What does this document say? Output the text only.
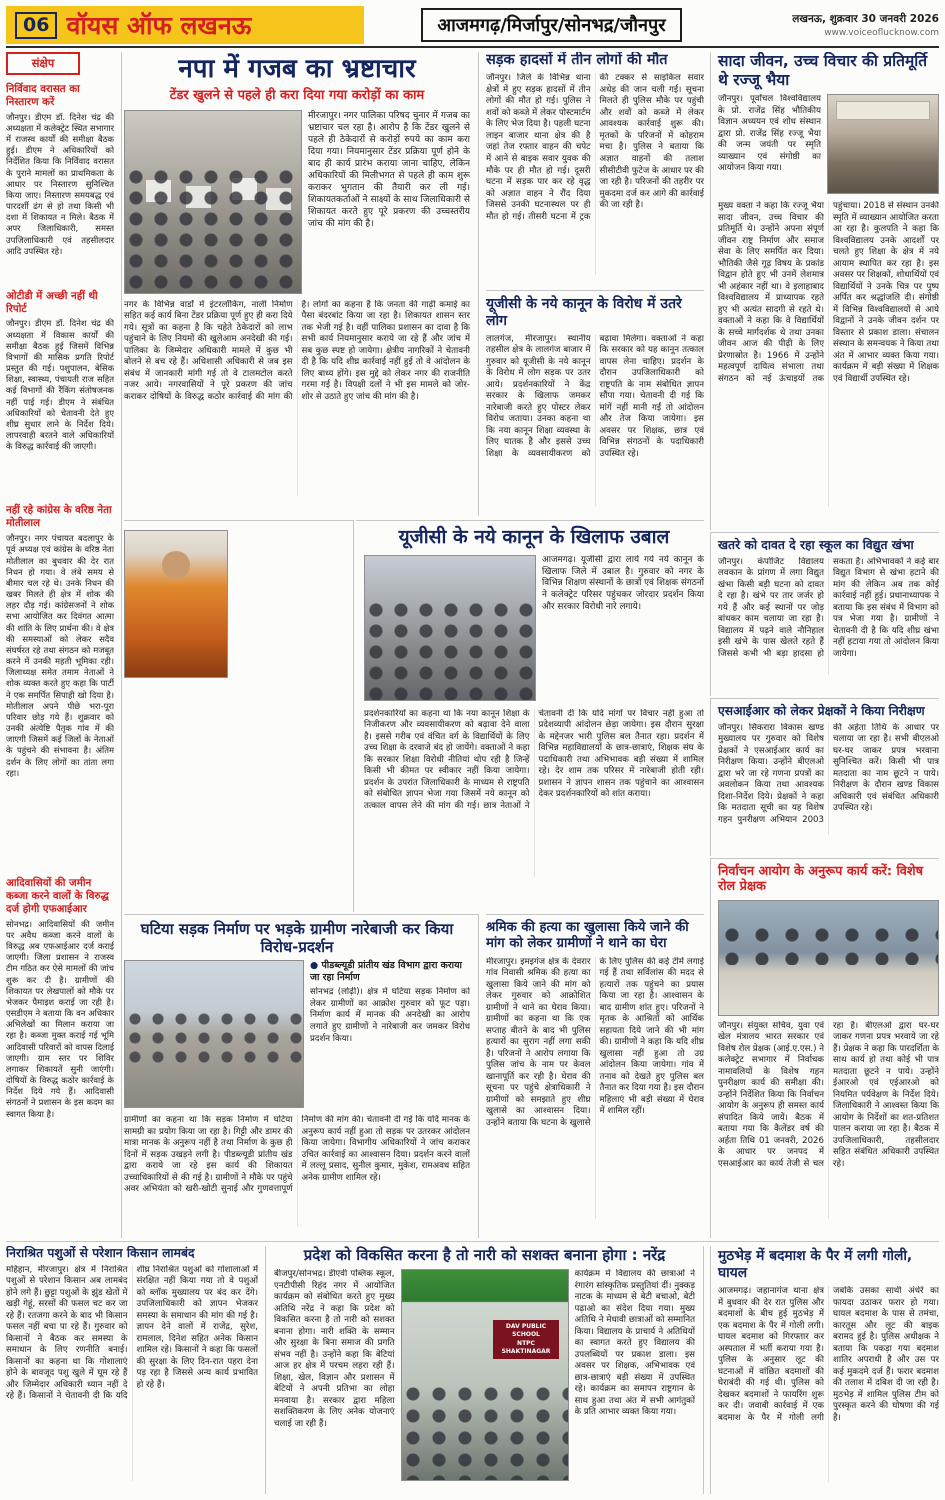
06 वॉयस ऑफ लखनऊ	आजमगढ़/मिर्जापुर/सोनभद्र/जौनपुर	लखनऊ, शुक्रवार 30 जनवरी 2026
www.voiceoflucknow.com
संक्षेप
निर्विवाद वरासत का निस्तारण करें
जौनपुर। डीएम डॉ. दिनेश चंद्र की अध्यक्षता में कलेक्ट्रेट स्थित सभागार में राजस्व कार्यों की समीक्षा बैठक हुई। डीएम ने अधिकारियों को निर्देशित किया कि निर्विवाद वरासत के पुराने मामलों का प्राथमिकता के आधार पर निस्तारण सुनिश्चित किया जाए। निस्तारण समयबद्ध एवं पारदर्शी ढंग से हो तथा किसी भी दशा में शिकायत न मिले। बैठक में अपर जिलाधिकारी, समस्त उपजिलाधिकारी एवं तहसीलदार आदि उपस्थित रहे।
ओटीडी में अच्छी नहीं थी रिपोर्ट
जौनपुर। डीएम डॉ. दिनेश चंद्र की अध्यक्षता में विकास कार्यों की समीक्षा बैठक हुई जिसमें विभिन्न विभागों की मासिक प्रगति रिपोर्ट प्रस्तुत की गई। पशुपालन, बेसिक शिक्षा, स्वास्थ्य, पंचायती राज सहित कई विभागों की रैंकिंग संतोषजनक नहीं पाई गई। डीएम ने संबंधित अधिकारियों को चेतावनी देते हुए शीघ्र सुधार लाने के निर्देश दिये। लापरवाही बरतने वाले अधिकारियों के विरुद्ध कार्रवाई की जाएगी।
नहीं रहे कांग्रेस के वरिष्ठ नेता मोतीलाल
जौनपुर। नगर पंचायत बदलापुर के पूर्व अध्यक्ष एवं कांग्रेस के वरिष्ठ नेता मोतीलाल का बुधवार की देर रात निधन हो गया। वे लंबे समय से बीमार चल रहे थे। उनके निधन की खबर मिलते ही क्षेत्र में शोक की लहर दौड़ गई। कांग्रेसजनों ने शोक सभा आयोजित कर दिवंगत आत्मा की शांति के लिए प्रार्थना की। वे क्षेत्र की समस्याओं को लेकर सदैव संघर्षरत रहे तथा संगठन को मजबूत करने में उनकी महती भूमिका रही। जिलाध्यक्ष समेत तमाम नेताओं ने शोक व्यक्त करते हुए कहा कि पार्टी ने एक समर्पित सिपाही खो दिया है। मोतीलाल अपने पीछे भरा-पूरा परिवार छोड़ गये हैं। शुक्रवार को उनकी अंत्येष्टि पैतृक गांव में की जाएगी जिसमें कई जिलों के नेताओं के पहुंचने की संभावना है। अंतिम दर्शन के लिए लोगों का तांता लगा रहा।
आदिवासियों की जमीन कब्जा करने वालों के विरुद्ध दर्ज होगी एफआईआर
सोनभद्र। आदिवासियों की जमीन पर अवैध कब्जा करने वालों के विरुद्ध अब एफआईआर दर्ज कराई जाएगी। जिला प्रशासन ने राजस्व टीम गठित कर ऐसे मामलों की जांच शुरू कर दी है। ग्रामीणों की शिकायत पर लेखपालों को मौके पर भेजकर पैमाइश कराई जा रही है। एसडीएम ने बताया कि वन अधिकार अभिलेखों का मिलान कराया जा रहा है। कब्जा मुक्त कराई गई भूमि आदिवासी परिवारों को वापस दिलाई जाएगी। ग्राम स्तर पर शिविर लगाकर शिकायतें सुनी जाएंगी। दोषियों के विरुद्ध कठोर कार्रवाई के निर्देश दिये गये हैं। आदिवासी संगठनों ने प्रशासन के इस कदम का स्वागत किया है।
नपा में गजब का भ्रष्टाचार
टेंडर खुलने से पहले ही करा दिया गया करोड़ों का काम
मीरजापुर। नगर पालिका परिषद चुनार में गजब का भ्रष्टाचार चल रहा है। आरोप है कि टेंडर खुलने से पहले ही ठेकेदारों से करोड़ों रुपये का काम करा दिया गया। नियमानुसार टेंडर प्रक्रिया पूर्ण होने के बाद ही कार्य प्रारंभ कराया जाना चाहिए, लेकिन अधिकारियों की मिलीभगत से पहले ही काम शुरू कराकर भुगतान की तैयारी कर ली गई। शिकायतकर्ताओं ने साक्ष्यों के साथ जिलाधिकारी से शिकायत करते हुए पूरे प्रकरण की उच्चस्तरीय जांच की मांग की है।
नगर के विभिन्न वार्डों में इंटरलॉकिंग, नाली निर्माण सहित कई कार्य बिना टेंडर प्रक्रिया पूर्ण हुए ही करा दिये गये। सूत्रों का कहना है कि चहेते ठेकेदारों को लाभ पहुंचाने के लिए नियमों की खुलेआम अनदेखी की गई। पालिका के जिम्मेदार अधिकारी मामले में कुछ भी बोलने से बच रहे हैं। अधिशासी अधिकारी से जब इस संबंध में जानकारी मांगी गई तो वे टालमटोल करते नजर आये। नगरवासियों ने पूरे प्रकरण की जांच कराकर दोषियों के विरुद्ध कठोर कार्रवाई की मांग की है। लोगों का कहना है कि जनता की गाढ़ी कमाई का पैसा बंदरबांट किया जा रहा है। शिकायत शासन स्तर तक भेजी गई है। वहीं पालिका प्रशासन का दावा है कि सभी कार्य नियमानुसार कराये जा रहे हैं और जांच में सब कुछ स्पष्ट हो जायेगा। क्षेत्रीय नागरिकों ने चेतावनी दी है कि यदि शीघ्र कार्रवाई नहीं हुई तो वे आंदोलन के लिए बाध्य होंगे। इस मुद्दे को लेकर नगर की राजनीति गरमा गई है। विपक्षी दलों ने भी इस मामले को जोर-शोर से उठाते हुए जांच की मांग की है।
सड़क हादसों में तीन लोगों की मौत
जौनपुर। जिले के विभिन्न थाना क्षेत्रों में हुए सड़क हादसों में तीन लोगों की मौत हो गई। पुलिस ने शवों को कब्जे में लेकर पोस्टमार्टम के लिए भेज दिया है। पहली घटना लाइन बाजार थाना क्षेत्र की है जहां तेज रफ्तार वाहन की चपेट में आने से बाइक सवार युवक की मौके पर ही मौत हो गई। दूसरी घटना में सड़क पार कर रहे वृद्ध को अज्ञात वाहन ने रौंद दिया जिससे उनकी घटनास्थल पर ही मौत हो गई। तीसरी घटना में ट्रक की टक्कर से साइकिल सवार अधेड़ की जान चली गई। सूचना मिलते ही पुलिस मौके पर पहुंची और शवों को कब्जे में लेकर आवश्यक कार्रवाई शुरू की। मृतकों के परिजनों में कोहराम मचा है। पुलिस ने बताया कि अज्ञात वाहनों की तलाश सीसीटीवी फुटेज के आधार पर की जा रही है। परिजनों की तहरीर पर मुकदमा दर्ज कर आगे की कार्रवाई की जा रही है।
यूजीसी के नये कानून के विरोध में उतरे लोग
लालगंज, मीरजापुर। स्थानीय तहसील क्षेत्र के लालगंज बाजार में गुरुवार को यूजीसी के नये कानून के विरोध में लोग सड़क पर उतर आये। प्रदर्शनकारियों ने केंद्र सरकार के खिलाफ जमकर नारेबाजी करते हुए पोस्टर लेकर विरोध जताया। उनका कहना था कि नया कानून शिक्षा व्यवस्था के लिए घातक है और इससे उच्च शिक्षा के व्यवसायीकरण को बढ़ावा मिलेगा। वक्ताओं ने कहा कि सरकार को यह कानून तत्काल वापस लेना चाहिए। प्रदर्शन के दौरान उपजिलाधिकारी को राष्ट्रपति के नाम संबोधित ज्ञापन सौंपा गया। चेतावनी दी गई कि मांगें नहीं मानी गईं तो आंदोलन और तेज किया जायेगा। इस अवसर पर शिक्षक, छात्र एवं विभिन्न संगठनों के पदाधिकारी उपस्थित रहे।
सादा जीवन, उच्च विचार की प्रतिमूर्ति थे रज्जू भैया
जौनपुर। पूर्वांचल विश्वविद्यालय के प्रो. राजेंद्र सिंह भौतिकीय विज्ञान अध्ययन एवं शोध संस्थान द्वारा प्रो. राजेंद्र सिंह रज्जू भैया की जन्म जयंती पर स्मृति व्याख्यान एवं संगोष्ठी का आयोजन किया गया।
मुख्य वक्ता ने कहा कि रज्जू भैया सादा जीवन, उच्च विचार की प्रतिमूर्ति थे। उन्होंने अपना संपूर्ण जीवन राष्ट्र निर्माण और समाज सेवा के लिए समर्पित कर दिया। भौतिकी जैसे गूढ़ विषय के प्रकांड विद्वान होते हुए भी उनमें लेशमात्र भी अहंकार नहीं था। वे इलाहाबाद विश्वविद्यालय में प्राध्यापक रहते हुए भी अत्यंत सादगी से रहते थे। वक्ताओं ने कहा कि वे विद्यार्थियों के सच्चे मार्गदर्शक थे तथा उनका जीवन आज की पीढ़ी के लिए प्रेरणास्रोत है। 1966 में उन्होंने महत्वपूर्ण दायित्व संभाला तथा संगठन को नई ऊंचाइयों तक पहुंचाया। 2018 से संस्थान उनकी स्मृति में व्याख्यान आयोजित करता आ रहा है। कुलपति ने कहा कि विश्वविद्यालय उनके आदर्शों पर चलते हुए शिक्षा के क्षेत्र में नये आयाम स्थापित कर रहा है। इस अवसर पर शिक्षकों, शोधार्थियों एवं विद्यार्थियों ने उनके चित्र पर पुष्प अर्पित कर श्रद्धांजलि दी। संगोष्ठी में विभिन्न विश्वविद्यालयों से आये विद्वानों ने उनके जीवन दर्शन पर विस्तार से प्रकाश डाला। संचालन संस्थान के समन्वयक ने किया तथा अंत में आभार व्यक्त किया गया। कार्यक्रम में बड़ी संख्या में शिक्षक एवं विद्यार्थी उपस्थित रहे।
यूजीसी के नये कानून के खिलाफ उबाल
आजमगढ़। यूजीसी द्वारा लाये गये नये कानून के खिलाफ जिले में उबाल है। गुरुवार को नगर के विभिन्न शिक्षण संस्थानों के छात्रों एवं शिक्षक संगठनों ने कलेक्ट्रेट परिसर पहुंचकर जोरदार प्रदर्शन किया और सरकार विरोधी नारे लगाये।
प्रदर्शनकारियों का कहना था कि नया कानून शिक्षा के निजीकरण और व्यवसायीकरण को बढ़ावा देने वाला है। इससे गरीब एवं वंचित वर्ग के विद्यार्थियों के लिए उच्च शिक्षा के दरवाजे बंद हो जायेंगे। वक्ताओं ने कहा कि सरकार शिक्षा विरोधी नीतियां थोप रही है जिन्हें किसी भी कीमत पर स्वीकार नहीं किया जायेगा। प्रदर्शन के उपरांत जिलाधिकारी के माध्यम से राष्ट्रपति को संबोधित ज्ञापन भेजा गया जिसमें नये कानून को तत्काल वापस लेने की मांग की गई। छात्र नेताओं ने चेतावनी दी कि यदि मांगों पर विचार नहीं हुआ तो प्रदेशव्यापी आंदोलन छेड़ा जायेगा। इस दौरान सुरक्षा के मद्देनजर भारी पुलिस बल तैनात रहा। प्रदर्शन में विभिन्न महाविद्यालयों के छात्र-छात्राएं, शिक्षक संघ के पदाधिकारी तथा अभिभावक बड़ी संख्या में शामिल रहे। देर शाम तक परिसर में नारेबाजी होती रही। प्रशासन ने ज्ञापन शासन तक पहुंचाने का आश्वासन देकर प्रदर्शनकारियों को शांत कराया।
खतरे को दावत दे रहा स्कूल का विद्युत खंभा
जौनपुर। कंपोजिट विद्यालय लवकान के प्रांगण में लगा विद्युत खंभा किसी बड़ी घटना को दावत दे रहा है। खंभे पर तार जर्जर हो गये हैं और कई स्थानों पर जोड़ बांधकर काम चलाया जा रहा है। विद्यालय में पढ़ने वाले नौनिहाल इसी खंभे के पास खेलते रहते हैं जिससे कभी भी बड़ा हादसा हो सकता है। अभिभावकों ने कई बार विद्युत विभाग से खंभा हटाने की मांग की लेकिन अब तक कोई कार्रवाई नहीं हुई। प्रधानाध्यापक ने बताया कि इस संबंध में विभाग को पत्र भेजा गया है। ग्रामीणों ने चेतावनी दी है कि यदि शीघ्र खंभा नहीं हटाया गया तो आंदोलन किया जायेगा।
एसआईआर को लेकर प्रेक्षकों ने किया निरीक्षण
जौनपुर। सिकरारा विकास खण्ड मुख्यालय पर गुरुवार को विशेष प्रेक्षकों ने एसआईआर कार्य का निरीक्षण किया। उन्होंने बीएलओ द्वारा भरे जा रहे गणना प्रपत्रों का अवलोकन किया तथा आवश्यक दिशा-निर्देश दिये। प्रेक्षकों ने कहा कि मतदाता सूची का यह विशेष गहन पुनरीक्षण अभियान 2003 की अर्हता तिथि के आधार पर चलाया जा रहा है। सभी बीएलओ घर-घर जाकर प्रपत्र भरवाना सुनिश्चित करें। किसी भी पात्र मतदाता का नाम छूटने न पाये। निरीक्षण के दौरान खण्ड विकास अधिकारी एवं संबंधित अधिकारी उपस्थित रहे।
निर्वाचन आयोग के अनुरूप कार्य करें: विशेष रोल प्रेक्षक
जौनपुर। संयुक्त सचिव, युवा एवं खेल मंत्रालय भारत सरकार एवं विशेष रोल प्रेक्षक (आई.ए.एस.) ने कलेक्ट्रेट सभागार में निर्वाचक नामावलियों के विशेष गहन पुनरीक्षण कार्य की समीक्षा की। उन्होंने निर्देशित किया कि निर्वाचन आयोग के अनुरूप ही समस्त कार्य संपादित किये जायें। बैठक में बताया गया कि कैलेंडर वर्ष की अर्हता तिथि 01 जनवरी, 2026 के आधार पर जनपद में एसआईआर का कार्य तेजी से चल रहा है। बीएलओ द्वारा घर-घर जाकर गणना प्रपत्र भरवाये जा रहे हैं। प्रेक्षक ने कहा कि पारदर्शिता के साथ कार्य हो तथा कोई भी पात्र मतदाता छूटने न पाये। उन्होंने ईआरओ एवं एईआरओ को नियमित पर्यवेक्षण के निर्देश दिये। जिलाधिकारी ने आश्वस्त किया कि आयोग के निर्देशों का शत-प्रतिशत पालन कराया जा रहा है। बैठक में उपजिलाधिकारी, तहसीलदार सहित संबंधित अधिकारी उपस्थित रहे।
घटिया सड़क निर्माण पर भड़के ग्रामीण नारेबाजी कर किया विरोध-प्रदर्शन
● पीडब्ल्यूडी प्रांतीय खंड विभाग द्वारा कराया जा रहा निर्माण
सोनभद्र (लोढ़ी)। क्षेत्र में घटिया सड़क निर्माण को लेकर ग्रामीणों का आक्रोश गुरुवार को फूट पड़ा। निर्माण कार्य में मानक की अनदेखी का आरोप लगाते हुए ग्रामीणों ने नारेबाजी कर जमकर विरोध प्रदर्शन किया।
ग्रामीणों का कहना था कि सड़क निर्माण में घटिया सामग्री का प्रयोग किया जा रहा है। गिट्टी और डामर की मात्रा मानक के अनुरूप नहीं है तथा निर्माण के कुछ ही दिनों में सड़क उखड़ने लगी है। पीडब्ल्यूडी प्रांतीय खंड द्वारा कराये जा रहे इस कार्य की शिकायत उच्चाधिकारियों से की गई है। ग्रामीणों ने मौके पर पहुंचे अवर अभियंता को खरी-खोटी सुनाई और गुणवत्तापूर्ण निर्माण की मांग की। चेतावनी दी गई कि यदि मानक के अनुरूप कार्य नहीं हुआ तो सड़क पर उतरकर आंदोलन किया जायेगा। विभागीय अधिकारियों ने जांच कराकर उचित कार्रवाई का आश्वासन दिया। प्रदर्शन करने वालों में लल्लू प्रसाद, सुनील कुमार, मुकेश, रामअवध सहित अनेक ग्रामीण शामिल रहे।
श्रमिक की हत्या का खुलासा किये जाने की मांग को लेकर ग्रामीणों ने थाने का घेरा
मीरजापुर। इमइगंज क्षेत्र के देवरार गांव निवासी श्रमिक की हत्या का खुलासा किये जाने की मांग को लेकर गुरुवार को आक्रोशित ग्रामीणों ने थाने का घेराव किया। ग्रामीणों का कहना था कि एक सप्ताह बीतने के बाद भी पुलिस हत्यारों का सुराग नहीं लगा सकी है। परिजनों ने आरोप लगाया कि पुलिस जांच के नाम पर केवल खानापूर्ति कर रही है। घेराव की सूचना पर पहुंचे क्षेत्राधिकारी ने ग्रामीणों को समझाते हुए शीघ्र खुलासे का आश्वासन दिया। उन्होंने बताया कि घटना के खुलासे के लिए पुलिस की कई टीमें लगाई गई हैं तथा सर्विलांस की मदद से हत्यारों तक पहुंचने का प्रयास किया जा रहा है। आश्वासन के बाद ग्रामीण शांत हुए। परिजनों ने मृतक के आश्रितों को आर्थिक सहायता दिये जाने की भी मांग की। ग्रामीणों ने कहा कि यदि शीघ्र खुलासा नहीं हुआ तो उग्र आंदोलन किया जायेगा। गांव में तनाव को देखते हुए पुलिस बल तैनात कर दिया गया है। इस दौरान महिलाएं भी बड़ी संख्या में घेराव में शामिल रहीं।
निराश्रित पशुओं से परेशान किसान लामबंद
महिहान, मीरजापुर। क्षेत्र में निराश्रित पशुओं से परेशान किसान अब लामबंद होने लगे हैं। छुट्टा पशुओं के झुंड खेतों में खड़ी गेहूं, सरसों की फसल चट कर जा रहे हैं। रतजगा करने के बाद भी किसान फसल नहीं बचा पा रहे हैं। गुरुवार को किसानों ने बैठक कर समस्या के समाधान के लिए रणनीति बनाई। किसानों का कहना था कि गोशालाएं होने के बावजूद पशु खुले में घूम रहे हैं और जिम्मेदार अधिकारी ध्यान नहीं दे रहे हैं। किसानों ने चेतावनी दी कि यदि शीघ्र निराश्रित पशुओं को गोशालाओं में संरक्षित नहीं किया गया तो वे पशुओं को ब्लॉक मुख्यालय पर बंद कर देंगे। उपजिलाधिकारी को ज्ञापन भेजकर समस्या के समाधान की मांग की गई है। ज्ञापन देने वालों में राजेंद्र, सुरेश, रामलाल, दिनेश सहित अनेक किसान शामिल रहे। किसानों ने कहा कि फसलों की सुरक्षा के लिए दिन-रात पहरा देना पड़ रहा है जिससे अन्य कार्य प्रभावित हो रहे हैं।
प्रदेश को विकसित करना है तो नारी को सशक्त बनाना होगा : नरेंद्र
बीजपुर/सोनभद्र। डीएवी पब्लिक स्कूल, एनटीपीसी रिहंद नगर में आयोजित कार्यक्रम को संबोधित करते हुए मुख्य अतिथि नरेंद्र ने कहा कि प्रदेश को विकसित करना है तो नारी को सशक्त बनाना होगा। नारी शक्ति के सम्मान और सुरक्षा के बिना समाज की प्रगति संभव नहीं है। उन्होंने कहा कि बेटियां आज हर क्षेत्र में परचम लहरा रही हैं। शिक्षा, खेल, विज्ञान और प्रशासन में बेटियों ने अपनी प्रतिभा का लोहा मनवाया है। सरकार द्वारा महिला सशक्तिकरण के लिए अनेक योजनाएं चलाई जा रही हैं।
DAV PUBLIC SCHOOL
NTPC SHAKTINAGAR
कार्यक्रम में विद्यालय की छात्राओं ने रंगारंग सांस्कृतिक प्रस्तुतियां दीं। नुक्कड़ नाटक के माध्यम से बेटी बचाओ, बेटी पढ़ाओ का संदेश दिया गया। मुख्य अतिथि ने मेधावी छात्राओं को सम्मानित किया। विद्यालय के प्राचार्य ने अतिथियों का स्वागत करते हुए विद्यालय की उपलब्धियों पर प्रकाश डाला। इस अवसर पर शिक्षक, अभिभावक एवं छात्र-छात्राएं बड़ी संख्या में उपस्थित रहे। कार्यक्रम का समापन राष्ट्रगान के साथ हुआ तथा अंत में सभी आगंतुकों के प्रति आभार व्यक्त किया गया।
मुठभेड़ में बदमाश के पैर में लगी गोली, घायल
आजमगढ़। जहानागंज थाना क्षेत्र में बुधवार की देर रात पुलिस और बदमाशों के बीच हुई मुठभेड़ में एक बदमाश के पैर में गोली लगी। घायल बदमाश को गिरफ्तार कर अस्पताल में भर्ती कराया गया है। पुलिस के अनुसार लूट की घटनाओं में वांछित बदमाशों की घेराबंदी की गई थी। पुलिस को देखकर बदमाशों ने फायरिंग शुरू कर दी। जवाबी कार्रवाई में एक बदमाश के पैर में गोली लगी जबकि उसका साथी अंधेरे का फायदा उठाकर फरार हो गया। घायल बदमाश के पास से तमंचा, कारतूस और लूट की बाइक बरामद हुई है। पुलिस अधीक्षक ने बताया कि पकड़ा गया बदमाश शातिर अपराधी है और उस पर कई मुकदमे दर्ज हैं। फरार बदमाश की तलाश में दबिश दी जा रही है। मुठभेड़ में शामिल पुलिस टीम को पुरस्कृत करने की घोषणा की गई है।
